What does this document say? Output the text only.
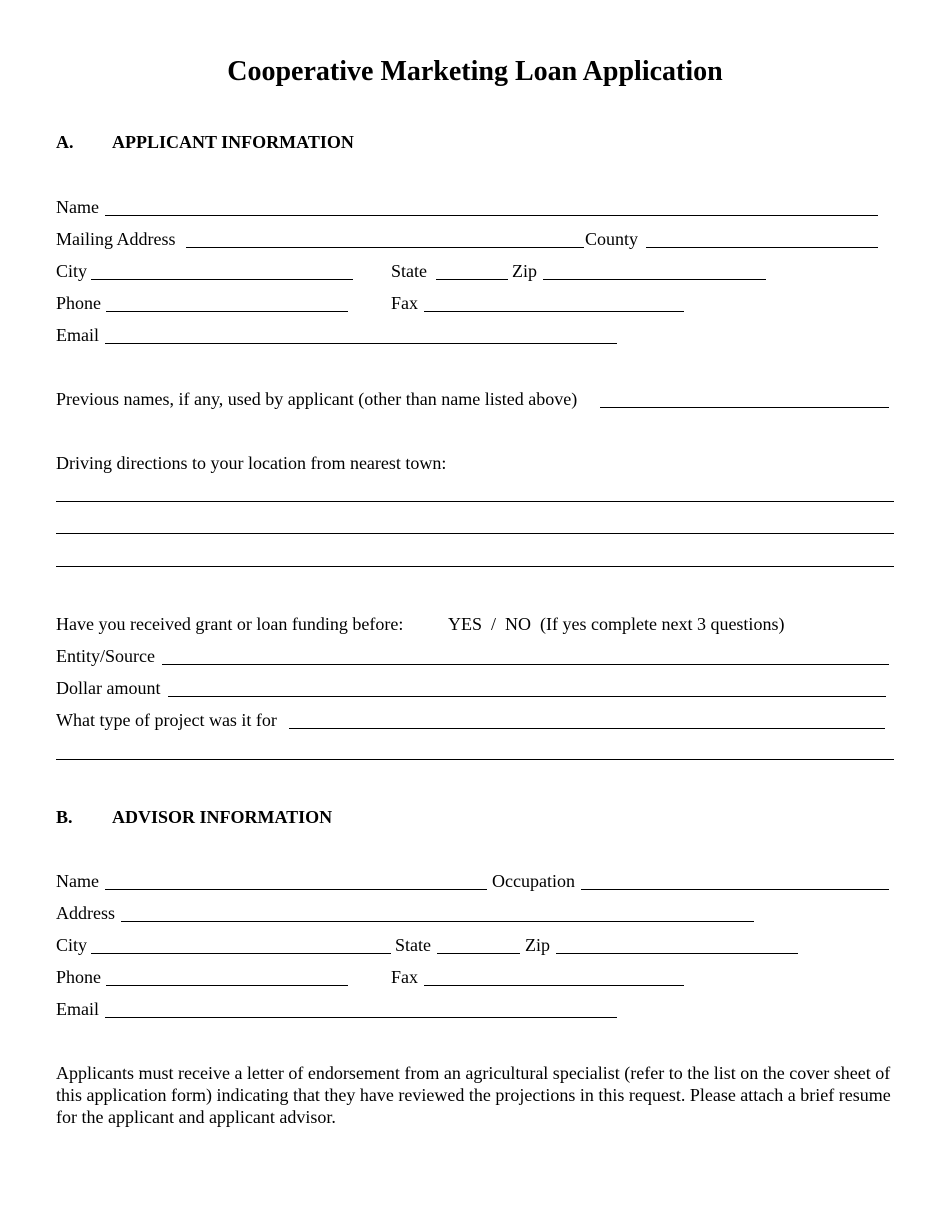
Cooperative Marketing Loan Application
A. APPLICANT INFORMATION
Name
Mailing Address	County
City	State	Zip
Phone	Fax
Email
Previous names, if any, used by applicant (other than name listed above)
Driving directions to your location from nearest town:
Have you received grant or loan funding before: YES  /  NO  (If yes complete next 3 questions)
Entity/Source
Dollar amount
What type of project was it for
B. ADVISOR INFORMATION
Name	Occupation
Address
City	State	Zip
Phone	Fax
Email
Applicants must receive a letter of endorsement from an agricultural specialist (refer to the list on the cover sheet of this application form) indicating that they have reviewed the projections in this request. Please attach a brief resume for the applicant and applicant advisor.
